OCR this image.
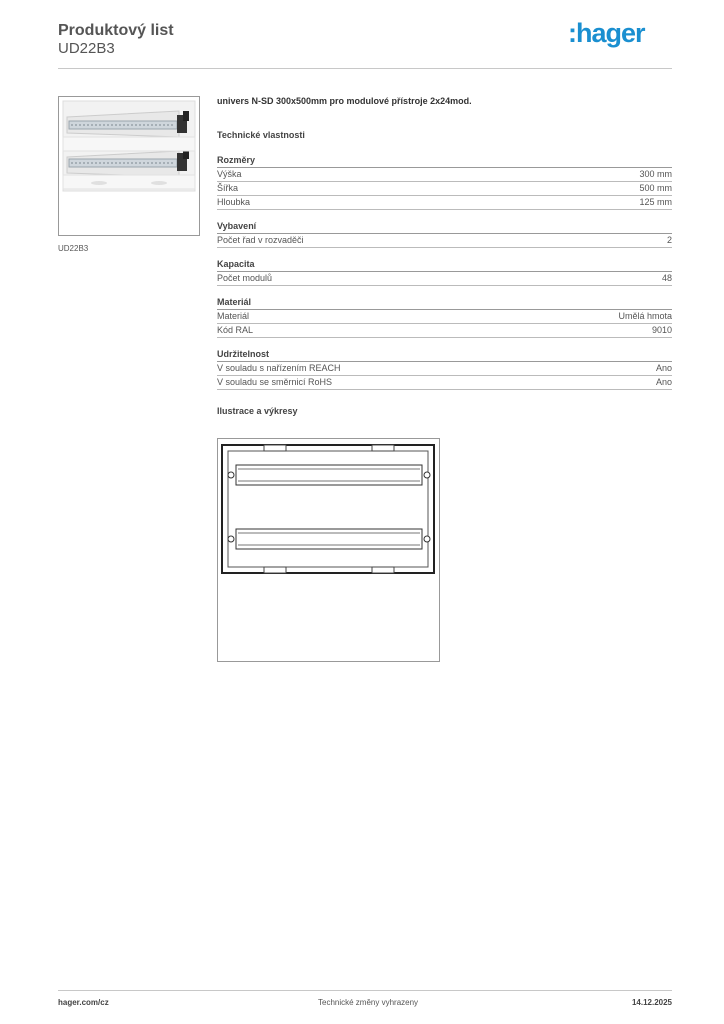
Produktový list
UD22B3
:hager
UD22B3
univers N-SD 300x500mm pro modulové přístroje 2x24mod.
Technické vlastnosti
Rozměry
Výška	300 mm
Šířka	500 mm
Hloubka	125 mm
Vybavení
Počet řad v rozvaděči	2
Kapacita
Počet modulů	48
Materiál
Materiál	Umělá hmota
Kód RAL	9010
Udržitelnost
V souladu s nařízením REACH	Ano
V souladu se směrnicí RoHS	Ano
Ilustrace a výkresy
hager.com/cz	Technické změny vyhrazeny	14.12.2025
